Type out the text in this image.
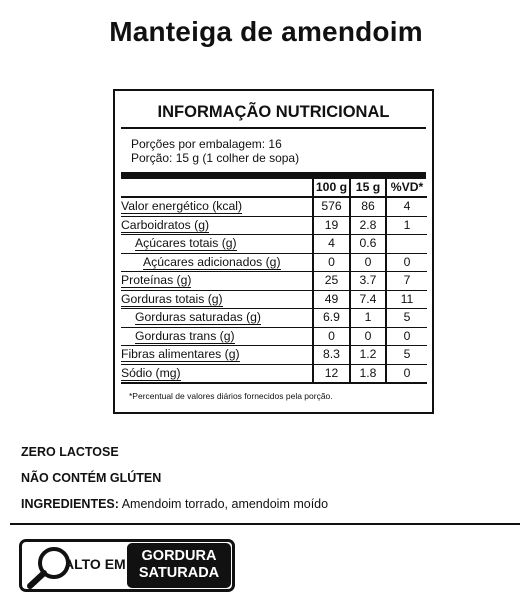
Manteiga de amendoim
INFORMAÇÃO NUTRICIONAL
Porções por embalagem: 16
Porção: 15 g (1 colher de sopa)
	100 g	15 g	%VD*
Valor energético (kcal)	576	86	4
Carboidratos (g)	19	2.8	1
Açúcares totais (g)	4	0.6	
Açúcares adicionados (g)	0	0	0
Proteínas (g)	25	3.7	7
Gorduras totais (g)	49	7.4	11
Gorduras saturadas (g)	6.9	1	5
Gorduras trans (g)	0	0	0
Fibras alimentares (g)	8.3	1.2	5
Sódio (mg)	12	1.8	0
*Percentual de valores diários fornecidos pela porção.
ZERO LACTOSE
NÃO CONTÉM GLÚTEN
INGREDIENTES: Amendoim torrado, amendoim moído
ALTO EM	GORDURA
SATURADA
